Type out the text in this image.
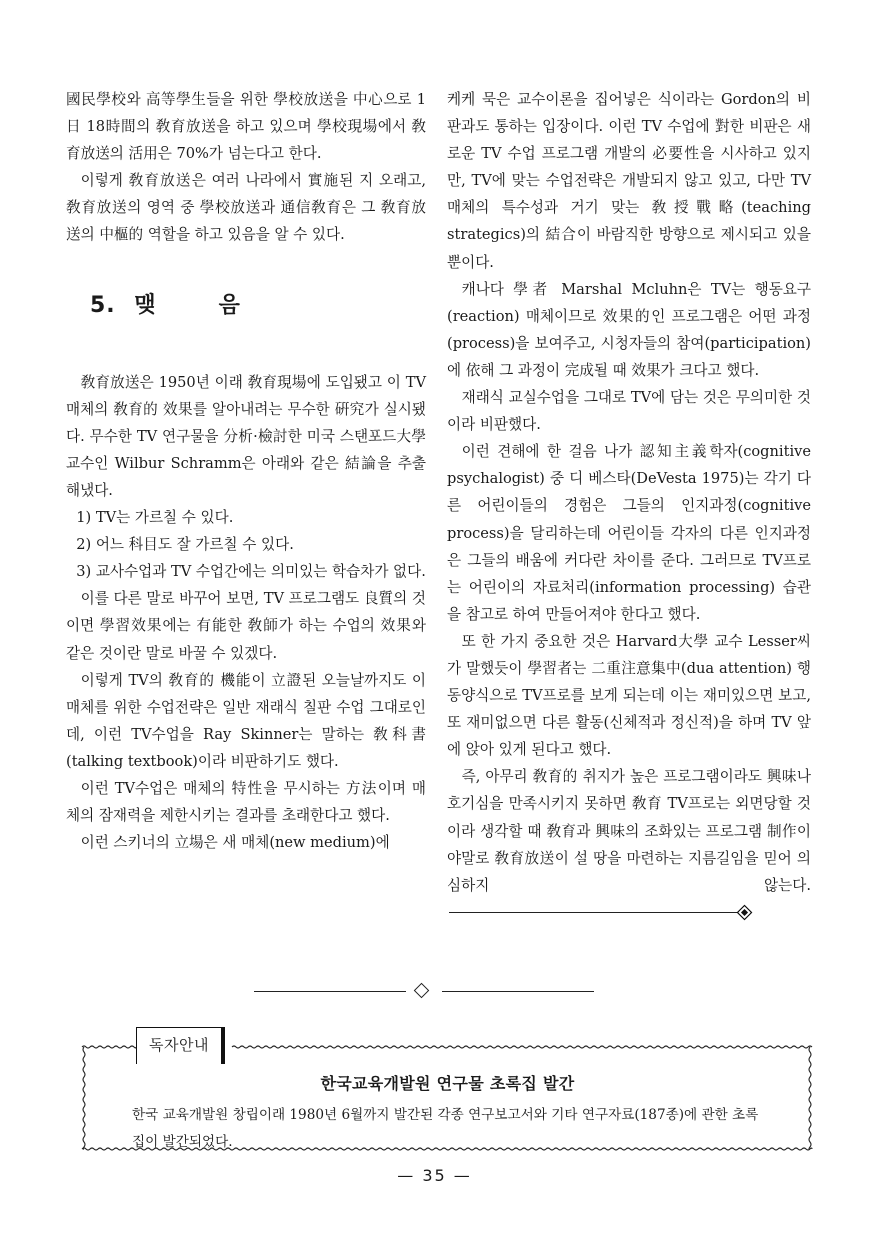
國民學校와 高等學生들을 위한 學校放送을 中心으로 1日 18時間의 敎育放送을 하고 있으며 學校現場에서 敎育放送의 活用은 70%가 넘는다고 한다.

이렇게 敎育放送은 여러 나라에서 實施된 지 오래고, 敎育放送의 영역 중 學校放送과 通信敎育은 그 敎育放送의 中樞的 역할을 하고 있음을 알 수 있다.

5. 맺	음

敎育放送은 1950년 이래 敎育現場에 도입됐고 이 TV 매체의 敎育的 效果를 알아내려는 무수한 硏究가 실시됐다. 무수한 TV 연구물을 分析·檢討한 미국 스탠포드大學 교수인 Wilbur Schramm은 아래와 같은 結論을 추출해냈다.

1) TV는 가르칠 수 있다.

2) 어느 科目도 잘 가르칠 수 있다.

3) 교사수업과 TV 수업간에는 의미있는 학습차가 없다.

이를 다른 말로 바꾸어 보면, TV 프로그램도 良質의 것이면 學習效果에는 有能한 敎師가 하는 수업의 效果와 같은 것이란 말로 바꿀 수 있겠다.

이렇게 TV의 敎育的 機能이 立證된 오늘날까지도 이 매체를 위한 수업전략은 일반 재래식 칠판 수업 그대로인데, 이런 TV수업을 Ray Skinner는 말하는 敎科書(talking textbook)이라 비판하기도 했다.

이런 TV수업은 매체의 特性을 무시하는 方法이며 매체의 잠재력을 제한시키는 결과를 초래한다고 했다.

이런 스키너의 立場은 새 매체(new medium)에

케케 묵은 교수이론을 집어넣은 식이라는 Gordon의 비판과도 통하는 입장이다. 이런 TV 수업에 對한 비판은 새로운 TV 수업 프로그램 개발의 必要性을 시사하고 있지만, TV에 맞는 수업전략은 개발되지 않고 있고, 다만 TV 매체의 특수성과 거기 맞는 敎授戰略(teaching strategics)의 結合이 바람직한 방향으로 제시되고 있을 뿐이다.

캐나다 學者 Marshal Mcluhn은 TV는 행동요구(reaction) 매체이므로 效果的인 프로그램은 어떤 과정(process)을 보여주고, 시청자들의 참여(participation)에 依해 그 과정이 完成될 때 效果가 크다고 했다.

재래식 교실수업을 그대로 TV에 담는 것은 무의미한 것이라 비판했다.

이런 견해에 한 걸음 나가 認知主義학자(cognitive psychalogist) 중 디 베스타(DeVesta 1975)는 각기 다른 어린이들의 경험은 그들의 인지과정(cognitive process)을 달리하는데 어린이들 각자의 다른 인지과정은 그들의 배움에 커다란 차이를 준다. 그러므로 TV프로는 어린이의 자료처리(information processing) 습관을 참고로 하여 만들어져야 한다고 했다.

또 한 가지 중요한 것은 Harvard大學 교수 Lesser씨가 말했듯이 學習者는 二重注意集中(dua attention) 행동양식으로 TV프로를 보게 되는데 이는 재미있으면 보고, 또 재미없으면 다른 활동(신체적과 정신적)을 하며 TV 앞에 앉아 있게 된다고 했다.

즉, 아무리 敎育的 취지가 높은 프로그램이라도 興味나 호기심을 만족시키지 못하면 敎育 TV프로는 외면당할 것이라 생각할 때 敎育과 興味의 조화있는 프로그램 制作이야말로 敎育放送이 설 땅을 마련하는 지름길임을 믿어 의심하지 않는다.

독자안내
한국교육개발원 연구물 초록집 발간
한국 교육개발원 창립이래 1980년 6월까지 발간된 각종 연구보고서와 기타 연구자료(187종)에 관한 초록집이 발간되었다.
— 35 —
